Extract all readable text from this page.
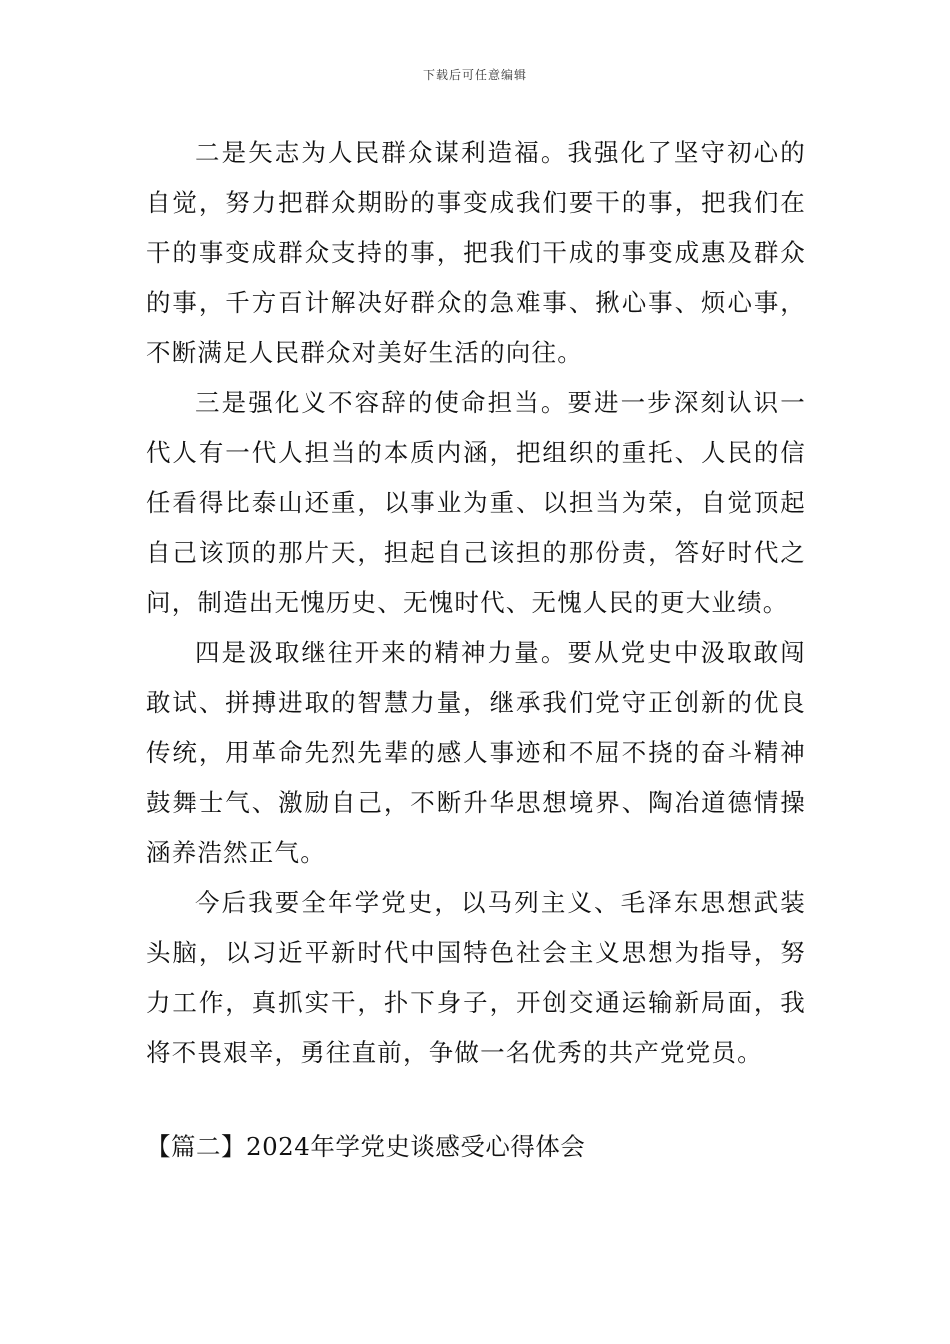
下载后可任意编辑

二是矢志为人民群众谋利造福。我强化了坚守初心的自觉，努力把群众期盼的事变成我们要干的事，把我们在干的事变成群众支持的事，把我们干成的事变成惠及群众的事，千方百计解决好群众的急难事、揪心事、烦心事，不断满足人民群众对美好生活的向往。

三是强化义不容辞的使命担当。要进一步深刻认识一代人有一代人担当的本质内涵，把组织的重托、人民的信任看得比泰山还重，以事业为重、以担当为荣，自觉顶起自己该顶的那片天，担起自己该担的那份责，答好时代之问，制造出无愧历史、无愧时代、无愧人民的更大业绩。

四是汲取继往开来的精神力量。要从党史中汲取敢闯敢试、拼搏进取的智慧力量，继承我们党守正创新的优良传统，用革命先烈先辈的感人事迹和不屈不挠的奋斗精神鼓舞士气、激励自己，不断升华思想境界、陶冶道德情操涵养浩然正气。

今后我要全年学党史，以马列主义、毛泽东思想武装头脑，以习近平新时代中国特色社会主义思想为指导，努力工作，真抓实干，扑下身子，开创交通运输新局面，我将不畏艰辛，勇往直前，争做一名优秀的共产党党员。

【篇二】2024年学党史谈感受心得体会
